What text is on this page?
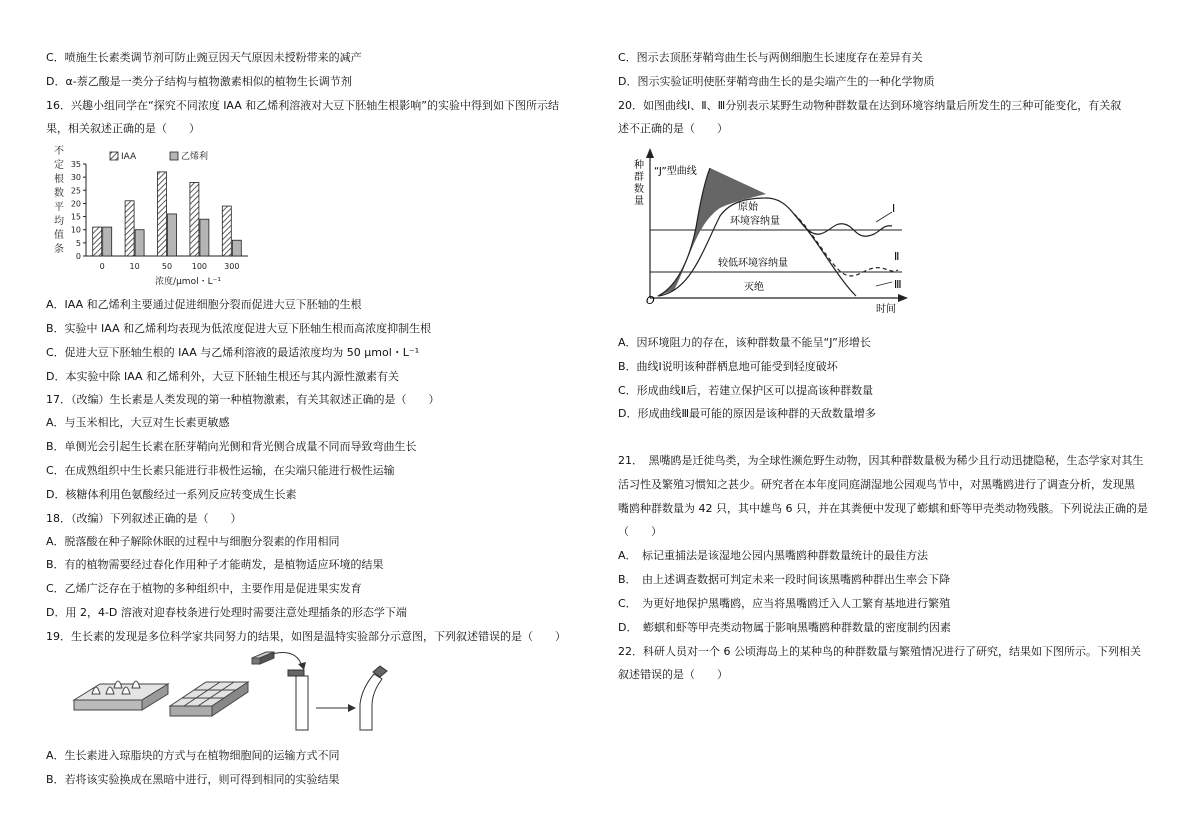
C．喷施生长素类调节剂可防止豌豆因天气原因未授粉带来的减产
D．α-萘乙酸是一类分子结构与植物激素相似的植物生长调节剂
16．兴趣小组同学在“探究不同浓度 IAA 和乙烯利溶液对大豆下胚轴生根影响”的实验中得到如下图所示结
果，相关叙述正确的是（　　）
不
定
根
数
平
均
值
条
0
5
10
15
20
25
30
35
0	10	50 100 300
IAA	乙烯利
浓度/μmol・L⁻¹
A．IAA 和乙烯利主要通过促进细胞分裂而促进大豆下胚轴的生根
B．实验中 IAA 和乙烯利均表现为低浓度促进大豆下胚轴生根而高浓度抑制生根
C．促进大豆下胚轴生根的 IAA 与乙烯利溶液的最适浓度均为 50 μmol・L⁻¹
D．本实验中除 IAA 和乙烯利外，大豆下胚轴生根还与其内源性激素有关
17．（改编）生长素是人类发现的第一种植物激素，有关其叙述正确的是（　　）
A．与玉米相比，大豆对生长素更敏感
B．单侧光会引起生长素在胚芽鞘向光侧和背光侧合成量不同而导致弯曲生长
C．在成熟组织中生长素只能进行非极性运输，在尖端只能进行极性运输
D．核糖体利用色氨酸经过一系列反应转变成生长素
18．（改编）下列叙述正确的是（　　）
A．脱落酸在种子解除休眠的过程中与细胞分裂素的作用相同
B．有的植物需要经过春化作用种子才能萌发，是植物适应环境的结果
C．乙烯广泛存在于植物的多种组织中，主要作用是促进果实发育
D．用 2，4-D 溶液对迎春枝条进行处理时需要注意处理插条的形态学下端
19．生长素的发现是多位科学家共同努力的结果，如图是温特实验部分示意图，下列叙述错误的是（　　）
A．生长素进入琼脂块的方式与在植物细胞间的运输方式不同
B．若将该实验换成在黑暗中进行，则可得到相同的实验结果
C．图示去顶胚芽鞘弯曲生长与两侧细胞生长速度存在差异有关
D．图示实验证明使胚芽鞘弯曲生长的是尖端产生的一种化学物质
20．如图曲线Ⅰ、Ⅱ、Ⅲ分别表示某野生动物种群数量在达到环境容纳量后所发生的三种可能变化，有关叙
述不正确的是（　　）
种
群
数
量
O
时间
“J”型曲线
原始
环境容纳量
较低环境容纳量
灭绝
Ⅰ
Ⅱ
Ⅲ
A．因环境阻力的存在，该种群数量不能呈“J”形增长
B．曲线Ⅰ说明该种群栖息地可能受到轻度破坏
C．形成曲线Ⅱ后，若建立保护区可以提高该种群数量
D．形成曲线Ⅲ最可能的原因是该种群的天敌数量增多
21．　黑嘴鸥是迁徙鸟类，为全球性濒危野生动物，因其种群数量极为稀少且行动迅捷隐秘，生态学家对其生
活习性及繁殖习惯知之甚少。研究者在本年度同庭湖湿地公园观鸟节中，对黑嘴鸥进行了调查分析，发现黑
嘴鸥种群数量为 42 只，其中雄鸟 6 只，并在其粪便中发现了蟛蜞和虾等甲壳类动物残骸。下列说法正确的是
（　　）
A．　标记重捕法是该湿地公园内黑嘴鸥种群数量统计的最佳方法
B．　由上述调查数据可判定未来一段时间该黑嘴鸥种群出生率会下降
C．　为更好地保护黑嘴鸥，应当将黑嘴鸥迁入人工繁育基地进行繁殖
D．　蟛蜞和虾等甲壳类动物属于影响黑嘴鸥种群数量的密度制约因素
22．科研人员对一个 6 公顷海岛上的某种鸟的种群数量与繁殖情况进行了研究，结果如下图所示。下列相关
叙述错误的是（　　）
